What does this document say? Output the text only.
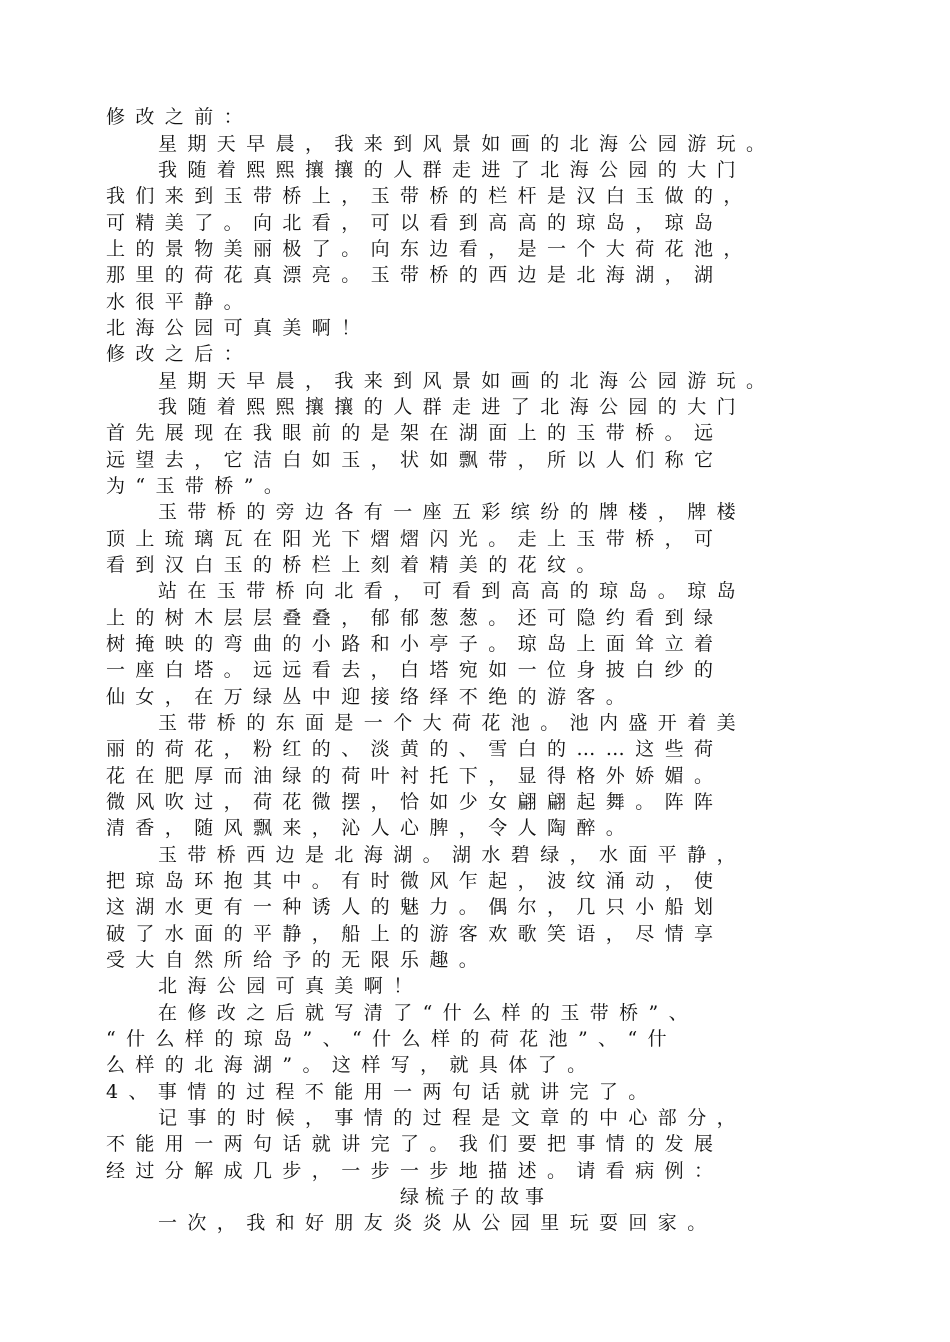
修改之前：
星期天早晨，我来到风景如画的北海公园游玩。
我随着熙熙攘攘的人群走进了北海公园的大门
我们来到玉带桥上，玉带桥的栏杆是汉白玉做的，
可精美了。向北看，可以看到高高的琼岛，琼岛
上的景物美丽极了。向东边看，是一个大荷花池，
那里的荷花真漂亮。玉带桥的西边是北海湖，湖
水很平静。
北海公园可真美啊！
修改之后：
星期天早晨，我来到风景如画的北海公园游玩。
我随着熙熙攘攘的人群走进了北海公园的大门
首先展现在我眼前的是架在湖面上的玉带桥。远
远望去，它洁白如玉，状如飘带，所以人们称它
为“玉带桥”。
玉带桥的旁边各有一座五彩缤纷的牌楼，牌楼
顶上琉璃瓦在阳光下熠熠闪光。走上玉带桥，可
看到汉白玉的桥栏上刻着精美的花纹。
站在玉带桥向北看，可看到高高的琼岛。琼岛
上的树木层层叠叠，郁郁葱葱。还可隐约看到绿
树掩映的弯曲的小路和小亭子。琼岛上面耸立着
一座白塔。远远看去，白塔宛如一位身披白纱的
仙女，在万绿丛中迎接络绎不绝的游客。
玉带桥的东面是一个大荷花池。池内盛开着美
丽的荷花，粉红的、淡黄的、雪白的……这些荷
花在肥厚而油绿的荷叶衬托下，显得格外娇媚。
微风吹过，荷花微摆，恰如少女翩翩起舞。阵阵
清香，随风飘来，沁人心脾，令人陶醉。
玉带桥西边是北海湖。湖水碧绿，水面平静，
把琼岛环抱其中。有时微风乍起，波纹涌动，使
这湖水更有一种诱人的魅力。偶尔，几只小船划
破了水面的平静，船上的游客欢歌笑语，尽情享
受大自然所给予的无限乐趣。
北海公园可真美啊！
在修改之后就写清了“什么样的玉带桥”、
“什么样的琼岛”、“什么样的荷花池”、“什
么样的北海湖”。这样写，就具体了。
4、事情的过程不能用一两句话就讲完了。
记事的时候，事情的过程是文章的中心部分，
不能用一两句话就讲完了。我们要把事情的发展
经过分解成几步，一步一步地描述。请看病例：
绿梳子的故事
一次，我和好朋友炎炎从公园里玩耍回家。
